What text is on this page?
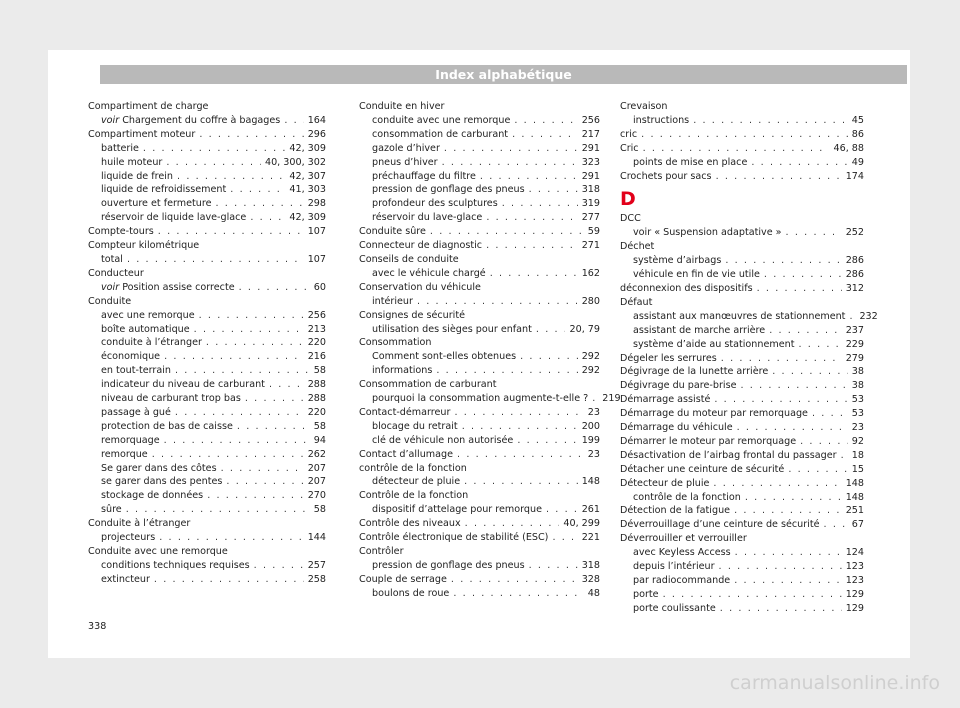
Index alphabétique
Compartiment de charge
voir Chargement du coffre à bagages . . .	164
Compartiment moteur . . .	296
batterie . . .	42, 309
huile moteur . . .	40, 300, 302
liquide de frein . . .	42, 307
liquide de refroidissement . . .	41, 303
ouverture et fermeture . . .	298
réservoir de liquide lave-glace . . .	42, 309
Compte-tours . . .	107
Compteur kilométrique
total . . .	107
Conducteur
voir Position assise correcte . . .	60
Conduite
avec une remorque . . .	256
boîte automatique . . .	213
conduite à l’étranger . . .	220
économique . . .	216
en tout-terrain . . .	58
indicateur du niveau de carburant . . .	288
niveau de carburant trop bas . . .	288
passage à gué . . .	220
protection de bas de caisse . . .	58
remorquage . . .	94
remorque . . .	262
Se garer dans des côtes . . .	207
se garer dans des pentes . . .	207
stockage de données . . .	270
sûre . . .	58
Conduite à l’étranger
projecteurs . . .	144
Conduite avec une remorque
conditions techniques requises . . .	257
extincteur . . .	258
Conduite en hiver
conduite avec une remorque . . .	256
consommation de carburant . . .	217
gazole d’hiver . . .	291
pneus d’hiver . . .	323
préchauffage du filtre . . .	291
pression de gonflage des pneus . . .	318
profondeur des sculptures . . .	319
réservoir du lave-glace . . .	277
Conduite sûre . . .	59
Connecteur de diagnostic . . .	271
Conseils de conduite
avec le véhicule chargé . . .	162
Conservation du véhicule
intérieur . . .	280
Consignes de sécurité
utilisation des sièges pour enfant . . .	20, 79
Consommation
Comment sont-elles obtenues . . .	292
informations . . .	292
Consommation de carburant
pourquoi la consommation augmente-t-elle ? . . . 219
Contact-démarreur . . .	23
blocage du retrait . . .	200
clé de véhicule non autorisée . . .	199
Contact d’allumage . . .	23
contrôle de la fonction
détecteur de pluie . . .	148
Contrôle de la fonction
dispositif d’attelage pour remorque . . .	261
Contrôle des niveaux . . .	40, 299
Contrôle électronique de stabilité (ESC) . . .	221
Contrôler
pression de gonflage des pneus . . .	318
Couple de serrage . . .	328
boulons de roue . . .	48
Crevaison
instructions . . .	45
cric . . .	86
Cric . . .	46, 88
points de mise en place . . .	49
Crochets pour sacs . . .	174
D
DCC
voir « Suspension adaptative » . . .	252
Déchet
système d’airbags . . .	286
véhicule en fin de vie utile . . .	286
déconnexion des dispositifs . . .	312
Défaut
assistant aux manœuvres de stationnement . . . 232
assistant de marche arrière . . .	237
système d’aide au stationnement . . .	229
Dégeler les serrures . . .	279
Dégivrage de la lunette arrière . . .	38
Dégivrage du pare-brise . . .	38
Démarrage assisté . . .	53
Démarrage du moteur par remorquage . . .	53
Démarrage du véhicule . . .	23
Démarrer le moteur par remorquage . . .	92
Désactivation de l’airbag frontal du passager . . . 18
Détacher une ceinture de sécurité . . .	15
Détecteur de pluie . . .	148
contrôle de la fonction . . .	148
Détection de la fatigue . . .	251
Déverrouillage d’une ceinture de sécurité . . .	67
Déverrouiller et verrouiller
avec Keyless Access . . .	124
depuis l’intérieur . . .	123
par radiocommande . . .	123
porte . . .	129
porte coulissante . . .	129
338
carmanualsonline.info
